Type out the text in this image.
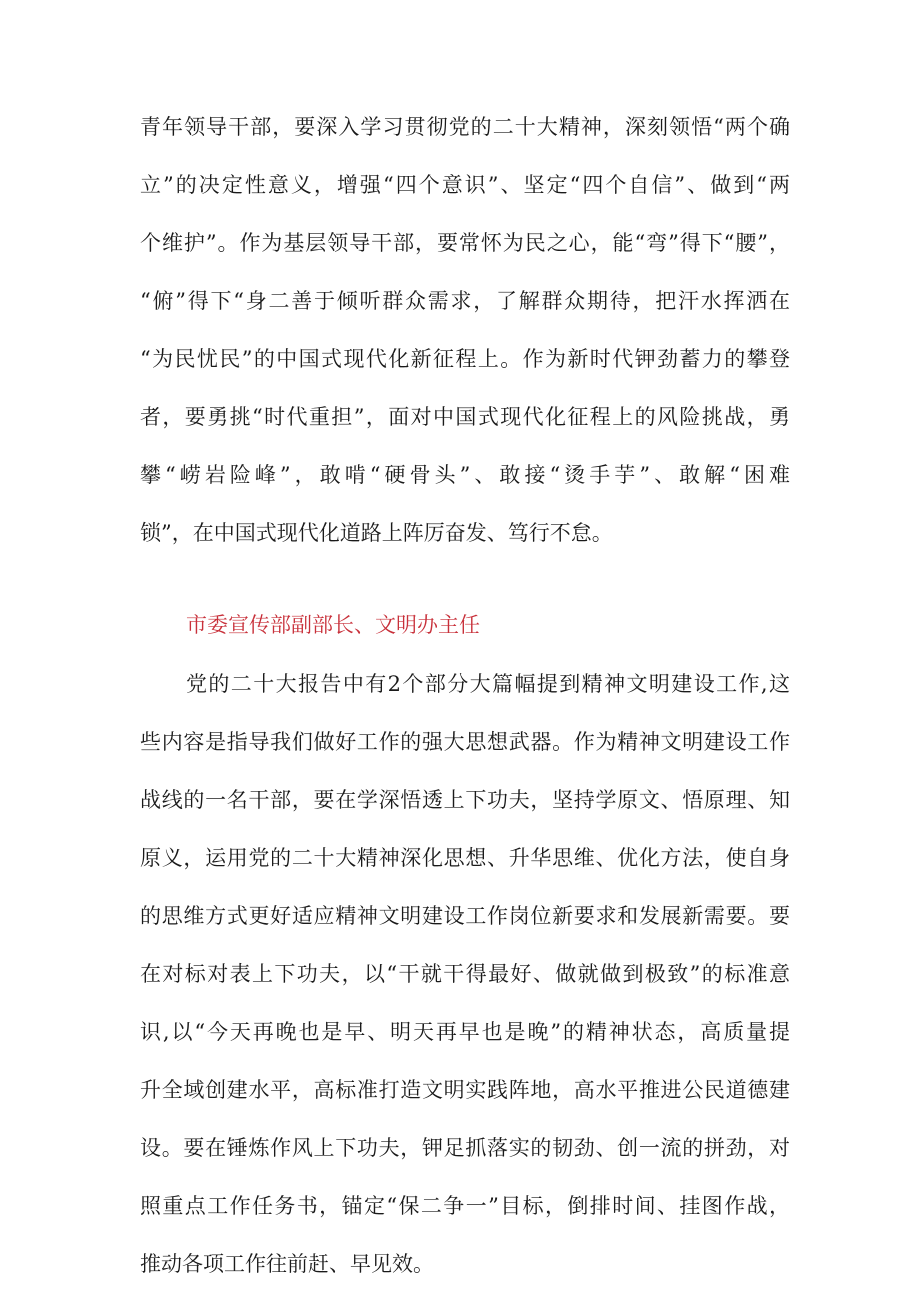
青年领导干部，要深入学习贯彻党的二十大精神，深刻领悟“两个确
立”的决定性意义，增强“四个意识”、坚定“四个自信”、做到“两
个维护”。作为基层领导干部，要常怀为民之心，能“弯”得下“腰”，
“俯”得下“身二善于倾听群众需求，了解群众期待，把汗水挥洒在
“为民忧民”的中国式现代化新征程上。作为新时代钾劲蓄力的攀登
者，要勇挑“时代重担”，面对中国式现代化征程上的风险挑战，勇
攀“崂岩险峰”，敢啃“硬骨头”、敢接“烫手芋”、敢解“困难
锁”，在中国式现代化道路上阵厉奋发、笃行不怠。
市委宣传部副部长、文明办主任
党的二十大报告中有2个部分大篇幅提到精神文明建设工作,这
些内容是指导我们做好工作的强大思想武器。作为精神文明建设工作
战线的一名干部，要在学深悟透上下功夫，坚持学原文、悟原理、知
原义，运用党的二十大精神深化思想、升华思维、优化方法，使自身
的思维方式更好适应精神文明建设工作岗位新要求和发展新需要。要
在对标对表上下功夫，以“干就干得最好、做就做到极致”的标准意
识,以“今天再晚也是早、明天再早也是晚”的精神状态，高质量提
升全域创建水平，高标准打造文明实践阵地，高水平推进公民道德建
设。要在锤炼作风上下功夫，钾足抓落实的韧劲、创一流的拼劲，对
照重点工作任务书，锚定“保二争一”目标，倒排时间、挂图作战，
推动各项工作往前赶、早见效。
